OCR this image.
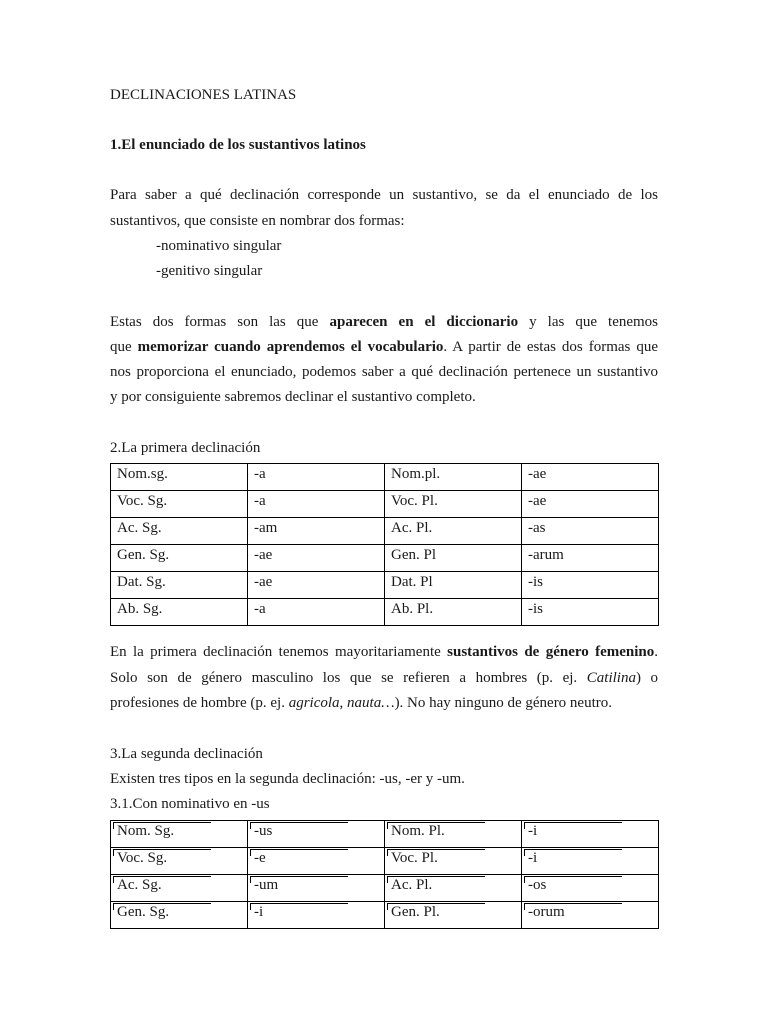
DECLINACIONES LATINAS
1.El enunciado de los sustantivos latinos
Para saber a qué declinación corresponde un sustantivo, se da el enunciado de los
sustantivos, que consiste en nombrar dos formas:
-nominativo singular
-genitivo singular
Estas dos formas son las que aparecen en el diccionario y las que tenemos
que memorizar cuando aprendemos el vocabulario. A partir de estas dos formas que
nos proporciona el enunciado, podemos saber a qué declinación pertenece un sustantivo
y por consiguiente sabremos declinar el sustantivo completo.
2.La primera declinación
Nom.sg.	-a	Nom.pl.	-ae
Voc. Sg.	-a	Voc. Pl.	-ae
Ac. Sg.	-am	Ac. Pl.	-as
Gen. Sg.	-ae	Gen. Pl	-arum
Dat. Sg.	-ae	Dat. Pl	-is
Ab. Sg.	-a	Ab. Pl.	-is
En la primera declinación tenemos mayoritariamente sustantivos de género femenino.
Solo son de género masculino los que se refieren a hombres (p. ej. Catilina) o
profesiones de hombre (p. ej. agricola, nauta…). No hay ninguno de género neutro.
3.La segunda declinación
Existen tres tipos en la segunda declinación: -us, -er y -um.
3.1.Con nominativo en -us
Nom. Sg.	-us	Nom. Pl.	-i

Voc. Sg.	-e	Voc. Pl.	-i

Ac. Sg.	-um	Ac. Pl.	-os

Gen. Sg.	-i	Gen. Pl.	-orum
